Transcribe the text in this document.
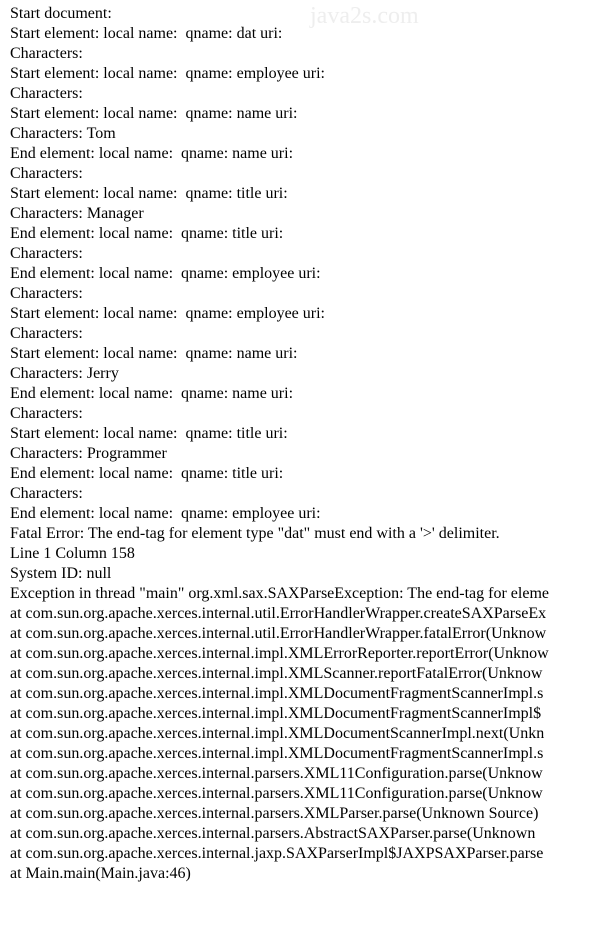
java2s.com
Start document:
Start element: local name:  qname: dat uri:
Characters:
Start element: local name:  qname: employee uri:
Characters:
Start element: local name:  qname: name uri:
Characters: Tom
End element: local name:  qname: name uri:
Characters:
Start element: local name:  qname: title uri:
Characters: Manager
End element: local name:  qname: title uri:
Characters:
End element: local name:  qname: employee uri:
Characters:
Start element: local name:  qname: employee uri:
Characters:
Start element: local name:  qname: name uri:
Characters: Jerry
End element: local name:  qname: name uri:
Characters:
Start element: local name:  qname: title uri:
Characters: Programmer
End element: local name:  qname: title uri:
Characters:
End element: local name:  qname: employee uri:
Fatal Error: The end-tag for element type "dat" must end with a '>' delimiter.
Line 1 Column 158
System ID: null
Exception in thread "main" org.xml.sax.SAXParseException: The end-tag for eleme
at com.sun.org.apache.xerces.internal.util.ErrorHandlerWrapper.createSAXParseEx
at com.sun.org.apache.xerces.internal.util.ErrorHandlerWrapper.fatalError(Unknow
at com.sun.org.apache.xerces.internal.impl.XMLErrorReporter.reportError(Unknow
at com.sun.org.apache.xerces.internal.impl.XMLScanner.reportFatalError(Unknow
at com.sun.org.apache.xerces.internal.impl.XMLDocumentFragmentScannerImpl.s
at com.sun.org.apache.xerces.internal.impl.XMLDocumentFragmentScannerImpl$
at com.sun.org.apache.xerces.internal.impl.XMLDocumentScannerImpl.next(Unkn
at com.sun.org.apache.xerces.internal.impl.XMLDocumentFragmentScannerImpl.s
at com.sun.org.apache.xerces.internal.parsers.XML11Configuration.parse(Unknow
at com.sun.org.apache.xerces.internal.parsers.XML11Configuration.parse(Unknow
at com.sun.org.apache.xerces.internal.parsers.XMLParser.parse(Unknown Source)
at com.sun.org.apache.xerces.internal.parsers.AbstractSAXParser.parse(Unknown
at com.sun.org.apache.xerces.internal.jaxp.SAXParserImpl$JAXPSAXParser.parse
at Main.main(Main.java:46)
